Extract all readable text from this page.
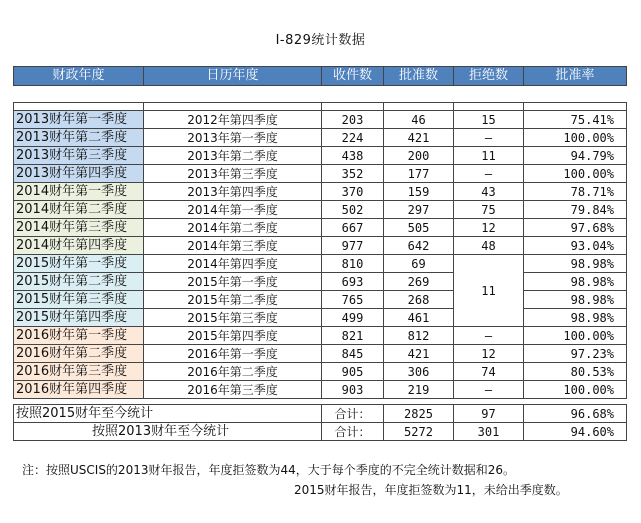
I-829统计数据
财政年度	日历年度	收件数	批准数	拒绝数	批准率

2013财年第一季度	2012年第四季度	203	46	15	75.41%
2013财年第二季度	2013年第一季度	224	421	–	100.00%
2013财年第三季度	2013年第二季度	438	200	11	94.79%
2013财年第四季度	2013年第三季度	352	177	–	100.00%
2014财年第一季度	2013年第四季度	370	159	43	78.71%
2014财年第二季度	2014年第一季度	502	297	75	79.84%
2014财年第三季度	2014年第二季度	667	505	12	97.68%
2014财年第四季度	2014年第三季度	977	642	48	93.04%
2015财年第一季度	2014年第四季度	810	69	11	98.98%
2015财年第二季度	2015年第一季度	693	269		98.98%
2015财年第三季度	2015年第二季度	765	268		98.98%
2015财年第四季度	2015年第三季度	499	461		98.98%
2016财年第一季度	2015年第四季度	821	812	–	100.00%
2016财年第二季度	2016年第一季度	845	421	12	97.23%
2016财年第三季度	2016年第二季度	905	306	74	80.53%
2016财年第四季度	2016年第三季度	903	219	–	100.00%
按照2015财年至今统计	合计：	2825	97	96.68%
按照2013财年至今统计	合计：	5272	301	94.60%
注：按照USCIS的2013财年报告，年度拒签数为44，大于每个季度的不完全统计数据和26。
2015财年报告，年度拒签数为11，未给出季度数。
